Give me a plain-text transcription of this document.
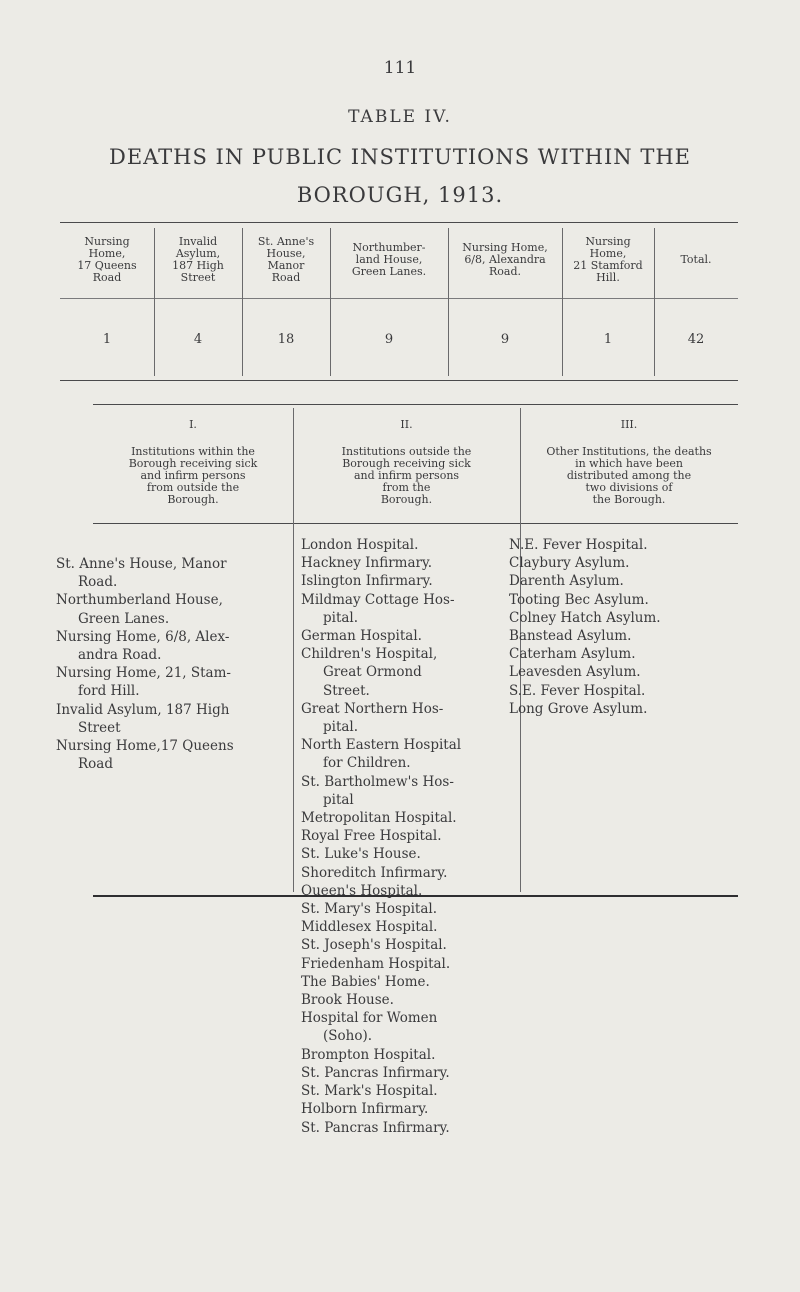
111
TABLE IV.
DEATHS IN PUBLIC INSTITUTIONS WITHIN THE
BOROUGH, 1913.
Nursing
Home,
17 Queens
Road
1
Invalid
Asylum,
187 High
Street
4
St. Anne's
House,
Manor
Road
18
Northumber-
land House,
Green Lanes.
9
Nursing Home,
6/8, Alexandra
Road.
9
Nursing
Home,
21 Stamford
Hill.
1
Total.
42
I.
Institutions within the
Borough receiving sick
and infirm persons
from outside the
Borough.
St. Anne's House, Manor
Road.
Northumberland House,
Green Lanes.
Nursing Home, 6/8, Alex-
andra Road.
Nursing Home, 21, Stam-
ford Hill.
Invalid Asylum, 187 High
Street
Nursing Home,17 Queens
Road
II.
Institutions outside the
Borough receiving sick
and infirm persons
from the
Borough.
London Hospital.
Hackney Infirmary.
Islington Infirmary.
Mildmay Cottage Hos-
pital.
German Hospital.
Children's Hospital,
Great Ormond
Street.
Great Northern Hos-
pital.
North Eastern Hospital
for Children.
St. Bartholmew's Hos-
pital
Metropolitan Hospital.
Royal Free Hospital.
St. Luke's House.
Shoreditch Infirmary.
Queen's Hospital.
St. Mary's Hospital.
Middlesex Hospital.
St. Joseph's Hospital.
Friedenham Hospital.
The Babies' Home.
Brook House.
Hospital for Women
(Soho).
Brompton Hospital.
St. Pancras Infirmary.
St. Mark's Hospital.
Holborn Infirmary.
St. Pancras Infirmary.
III.
Other Institutions, the deaths
in which have been
distributed among the
two divisions of
the Borough.
N.E. Fever Hospital.
Claybury Asylum.
Darenth Asylum.
Tooting Bec Asylum.
Colney Hatch Asylum.
Banstead Asylum.
Caterham Asylum.
Leavesden Asylum.
S.E. Fever Hospital.
Long Grove Asylum.
